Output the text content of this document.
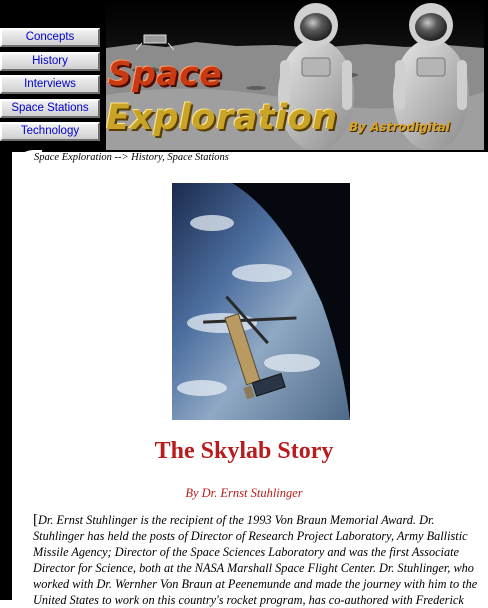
Concepts
History
Interviews
Space Stations
Technology
Space
Exploration By Astrodigital
Space Exploration --> History, Space Stations
The Skylab Story

By Dr. Ernst Stuhlinger

[Dr. Ernst Stuhlinger is the recipient of the 1993 Von Braun Memorial Award. Dr. Stuhlinger has held the posts of Director of Research Project Laboratory, Army Ballistic Missile Agency; Director of the Space Sciences Laboratory and was the first Associate Director for Science, both at the NASA Marshall Space Flight Center. Dr. Stuhlinger, who worked with Dr. Wernher Von Braun at Peenemunde and made the journey with him to the United States to work on this country's rocket program, has co-authored with Frederick
